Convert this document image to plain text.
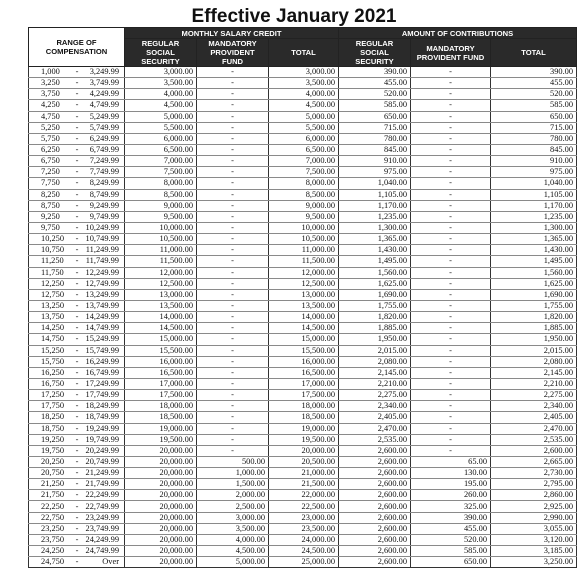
Effective January 2021
RANGE OF COMPENSATION	MONTHLY SALARY CREDIT			AMOUNT OF CONTRIBUTIONS		
	REGULAR SOCIAL SECURITY	MANDATORY PROVIDENT FUND	TOTAL	REGULAR SOCIAL SECURITY	MANDATORY PROVIDENT FUND	TOTAL
1,000 - 3,249.99	3,000.00	-	3,000.00	390.00	-	390.00
3,250 - 3,749.99	3,500.00	-	3,500.00	455.00	-	455.00
3,750 - 4,249.99	4,000.00	-	4,000.00	520.00	-	520.00
4,250 - 4,749.99	4,500.00	-	4,500.00	585.00	-	585.00
4,750 - 5,249.99	5,000.00	-	5,000.00	650.00	-	650.00
5,250 - 5,749.99	5,500.00	-	5,500.00	715.00	-	715.00
5,750 - 6,249.99	6,000.00	-	6,000.00	780.00	-	780.00
6,250 - 6,749.99	6,500.00	-	6,500.00	845.00	-	845.00
6,750 - 7,249.99	7,000.00	-	7,000.00	910.00	-	910.00
7,250 - 7,749.99	7,500.00	-	7,500.00	975.00	-	975.00
7,750 - 8,249.99	8,000.00	-	8,000.00	1,040.00	-	1,040.00
8,250 - 8,749.99	8,500.00	-	8,500.00	1,105.00	-	1,105.00
8,750 - 9,249.99	9,000.00	-	9,000.00	1,170.00	-	1,170.00
9,250 - 9,749.99	9,500.00	-	9,500.00	1,235.00	-	1,235.00
9,750 - 10,249.99	10,000.00	-	10,000.00	1,300.00	-	1,300.00
10,250 - 10,749.99	10,500.00	-	10,500.00	1,365.00	-	1,365.00
10,750 - 11,249.99	11,000.00	-	11,000.00	1,430.00	-	1,430.00
11,250 - 11,749.99	11,500.00	-	11,500.00	1,495.00	-	1,495.00
11,750 - 12,249.99	12,000.00	-	12,000.00	1,560.00	-	1,560.00
12,250 - 12,749.99	12,500.00	-	12,500.00	1,625.00	-	1,625.00
12,750 - 13,249.99	13,000.00	-	13,000.00	1,690.00	-	1,690.00
13,250 - 13,749.99	13,500.00	-	13,500.00	1,755.00	-	1,755.00
13,750 - 14,249.99	14,000.00	-	14,000.00	1,820.00	-	1,820.00
14,250 - 14,749.99	14,500.00	-	14,500.00	1,885.00	-	1,885.00
14,750 - 15,249.99	15,000.00	-	15,000.00	1,950.00	-	1,950.00
15,250 - 15,749.99	15,500.00	-	15,500.00	2,015.00	-	2,015.00
15,750 - 16,249.99	16,000.00	-	16,000.00	2,080.00	-	2,080.00
16,250 - 16,749.99	16,500.00	-	16,500.00	2,145.00	-	2,145.00
16,750 - 17,249.99	17,000.00	-	17,000.00	2,210.00	-	2,210.00
17,250 - 17,749.99	17,500.00	-	17,500.00	2,275.00	-	2,275.00
17,750 - 18,249.99	18,000.00	-	18,000.00	2,340.00	-	2,340.00
18,250 - 18,749.99	18,500.00	-	18,500.00	2,405.00	-	2,405.00
18,750 - 19,249.99	19,000.00	-	19,000.00	2,470.00	-	2,470.00
19,250 - 19,749.99	19,500.00	-	19,500.00	2,535.00	-	2,535.00
19,750 - 20,249.99	20,000.00	-	20,000.00	2,600.00	-	2,600.00
20,250 - 20,749.99	20,000.00	500.00	20,500.00	2,600.00	65.00	2,665.00
20,750 - 21,249.99	20,000.00	1,000.00	21,000.00	2,600.00	130.00	2,730.00
21,250 - 21,749.99	20,000.00	1,500.00	21,500.00	2,600.00	195.00	2,795.00
21,750 - 22,249.99	20,000.00	2,000.00	22,000.00	2,600.00	260.00	2,860.00
22,250 - 22,749.99	20,000.00	2,500.00	22,500.00	2,600.00	325.00	2,925.00
22,750 - 23,249.99	20,000.00	3,000.00	23,000.00	2,600.00	390.00	2,990.00
23,250 - 23,749.99	20,000.00	3,500.00	23,500.00	2,600.00	455.00	3,055.00
23,750 - 24,249.99	20,000.00	4,000.00	24,000.00	2,600.00	520.00	3,120.00
24,250 - 24,749.99	20,000.00	4,500.00	24,500.00	2,600.00	585.00	3,185.00
24,750 - Over	20,000.00	5,000.00	25,000.00	2,600.00	650.00	3,250.00
